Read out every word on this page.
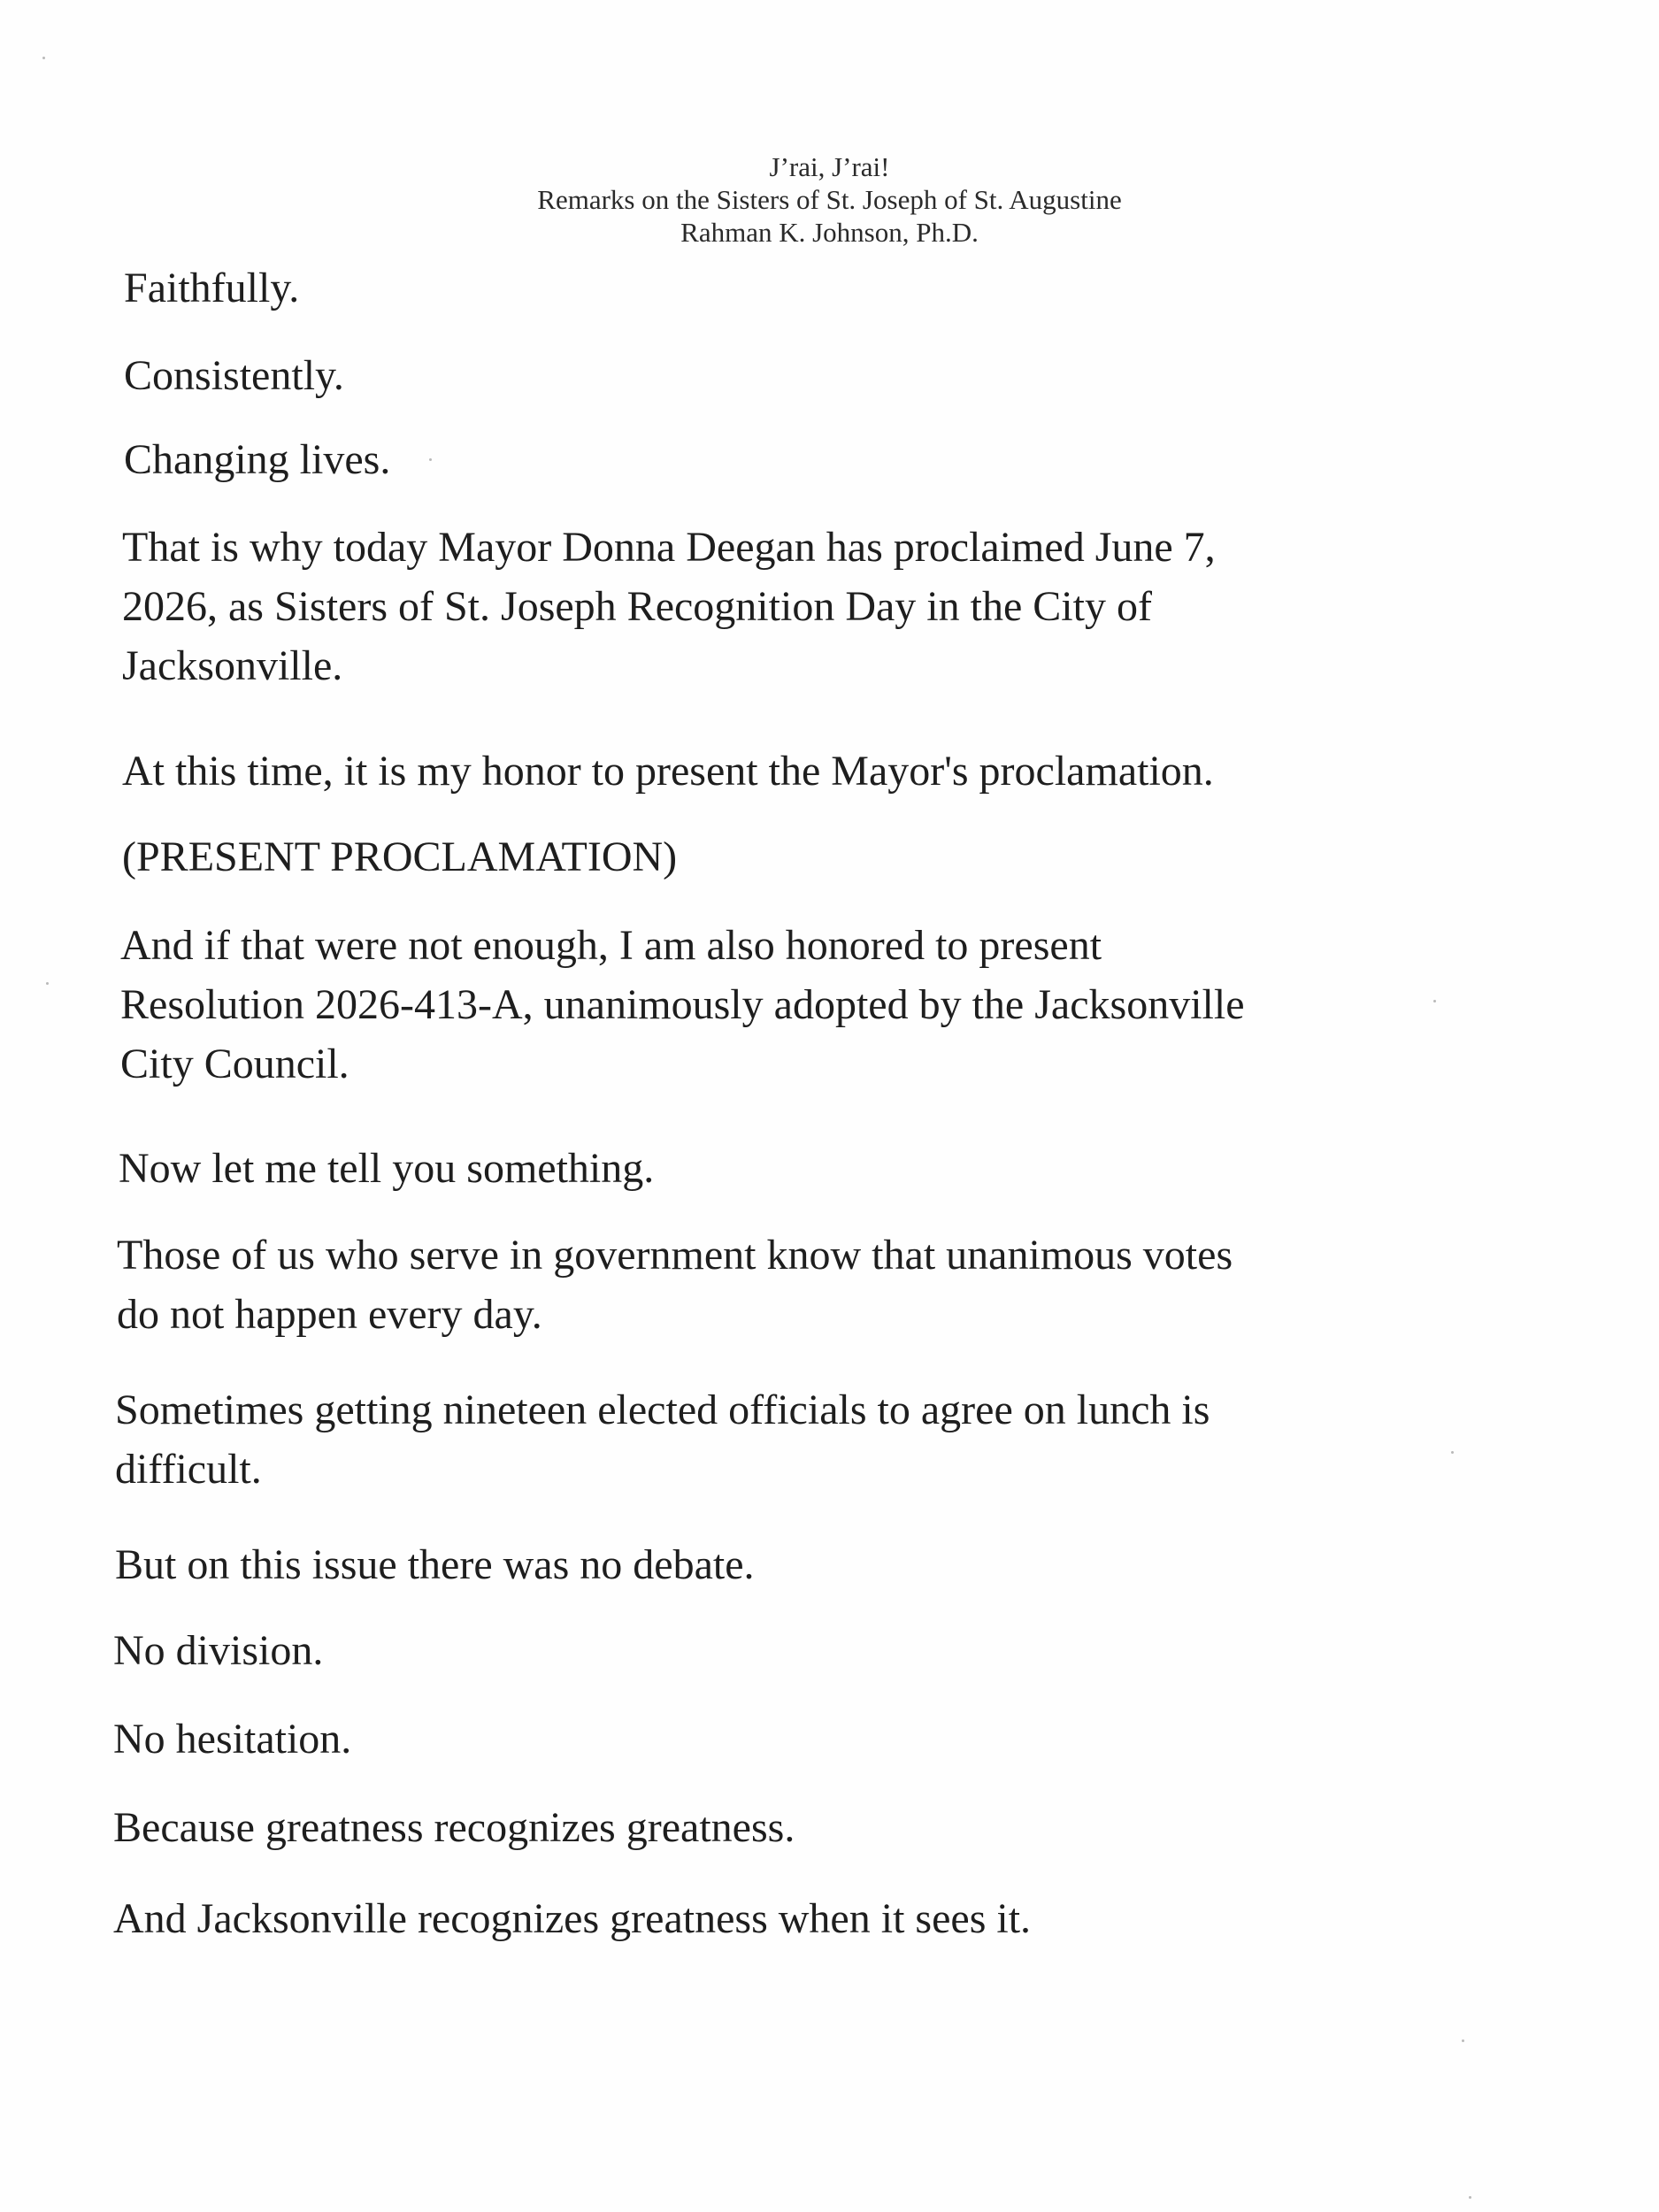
J’rai, J’rai!
Remarks on the Sisters of St. Joseph of St. Augustine
Rahman K. Johnson, Ph.D.

Faithfully.

Consistently.

Changing lives.

That is why today Mayor Donna Deegan has proclaimed June 7,
2026, as Sisters of St. Joseph Recognition Day in the City of
Jacksonville.

At this time, it is my honor to present the Mayor's proclamation.

(PRESENT PROCLAMATION)

And if that were not enough, I am also honored to present
Resolution 2026-413-A, unanimously adopted by the Jacksonville
City Council.

Now let me tell you something.

Those of us who serve in government know that unanimous votes
do not happen every day.

Sometimes getting nineteen elected officials to agree on lunch is
difficult.

But on this issue there was no debate.

No division.

No hesitation.

Because greatness recognizes greatness.

And Jacksonville recognizes greatness when it sees it.
